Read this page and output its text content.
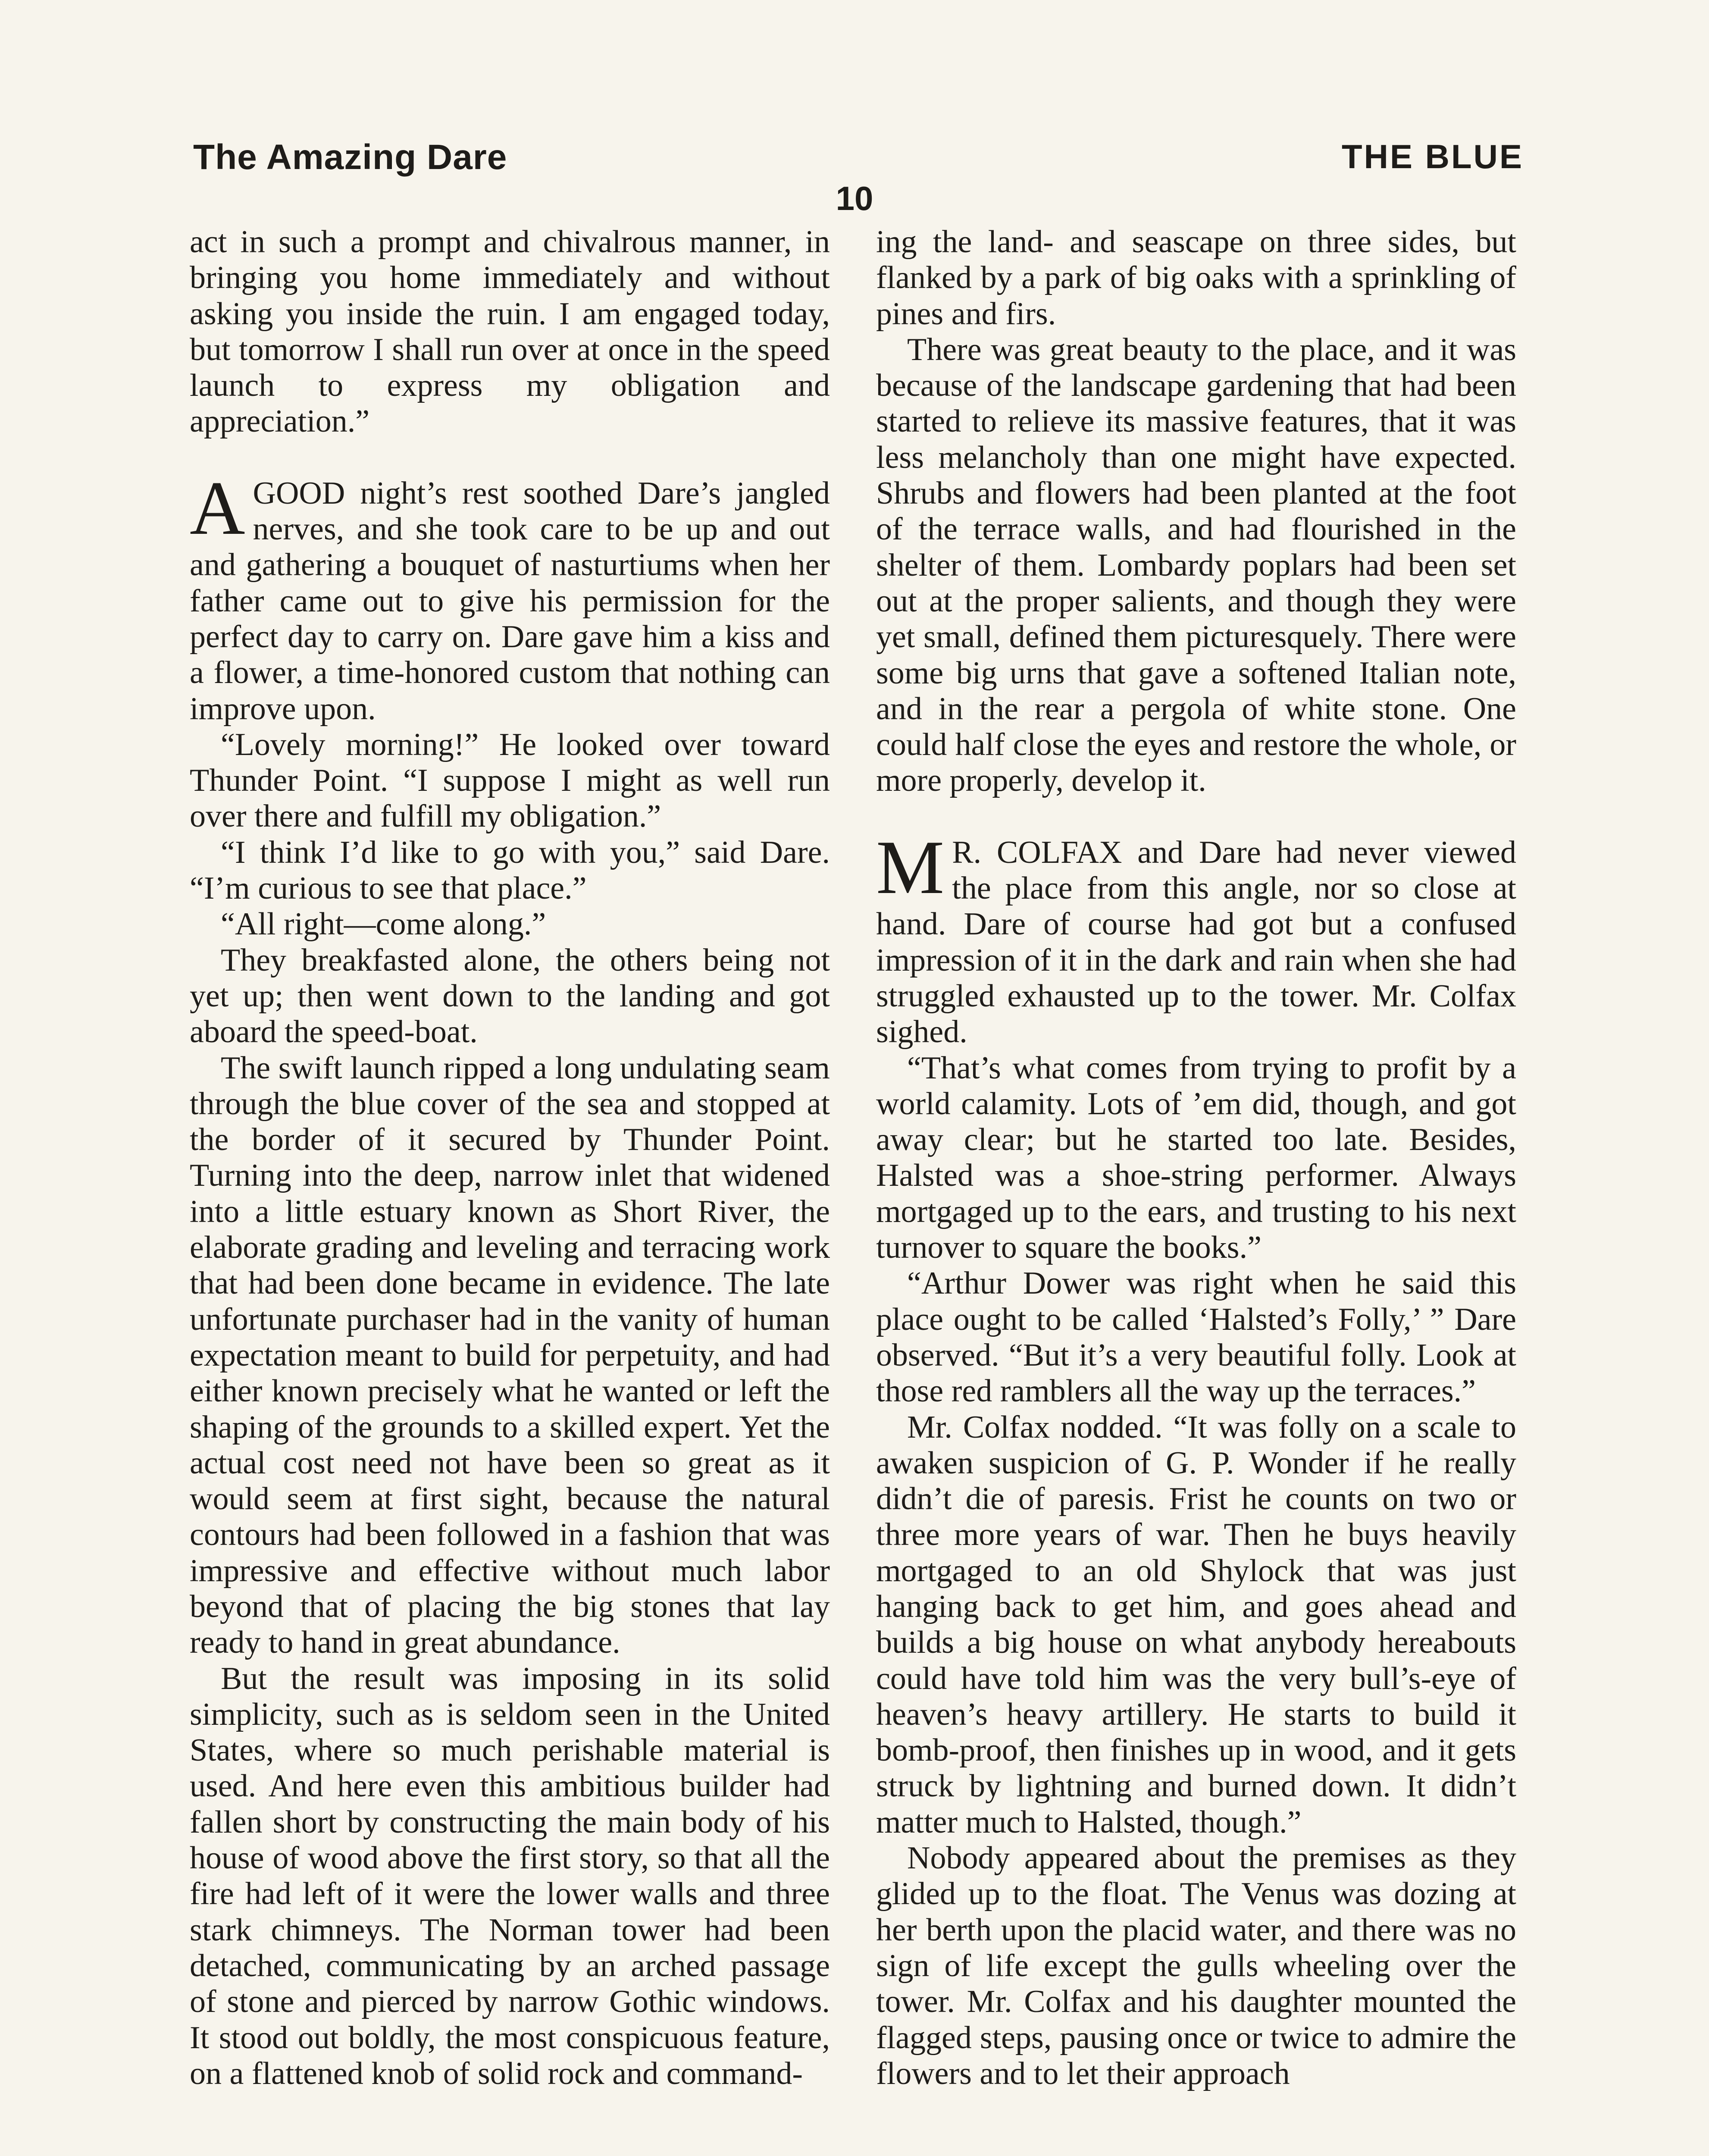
The Amazing Dare	THE BLUE
10

act in such a prompt and chivalrous manner, in bringing you home immediately and without asking you inside the ruin. I am engaged today, but tomorrow I shall run over at once in the speed launch to express my obligation and appreciation.”

AGOOD night’s rest soothed Dare’s jangled nerves, and she took care to be up and out and gathering a bouquet of nasturtiums when her father came out to give his permission for the perfect day to carry on. Dare gave him a kiss and a flower, a time-honored custom that nothing can improve upon.

“Lovely morning!” He looked over toward Thunder Point. “I suppose I might as well run over there and fulfill my obligation.”

“I think I’d like to go with you,” said Dare. “I’m curious to see that place.”

“All right—come along.”

They breakfasted alone, the others being not yet up; then went down to the landing and got aboard the speed-boat.

The swift launch ripped a long undulating seam through the blue cover of the sea and stopped at the border of it secured by Thunder Point. Turning into the deep, narrow inlet that widened into a little estuary known as Short River, the elaborate grading and leveling and terracing work that had been done became in evidence. The late unfortunate purchaser had in the vanity of human expectation meant to build for perpetuity, and had either known precisely what he wanted or left the shaping of the grounds to a skilled expert. Yet the actual cost need not have been so great as it would seem at first sight, because the natural contours had been followed in a fashion that was impressive and effective without much labor beyond that of placing the big stones that lay ready to hand in great abundance.

But the result was imposing in its solid simplicity, such as is seldom seen in the United States, where so much perishable material is used. And here even this ambitious builder had fallen short by constructing the main body of his house of wood above the first story, so that all the fire had left of it were the lower walls and three stark chimneys. The Norman tower had been detached, communicating by an arched passage of stone and pierced by narrow Gothic windows. It stood out boldly, the most conspicuous feature, on a flattened knob of solid rock and command-

ing the land- and seascape on three sides, but flanked by a park of big oaks with a sprinkling of pines and firs.

There was great beauty to the place, and it was because of the landscape gardening that had been started to relieve its massive features, that it was less melancholy than one might have expected. Shrubs and flowers had been planted at the foot of the terrace walls, and had flourished in the shelter of them. Lombardy poplars had been set out at the proper salients, and though they were yet small, defined them picturesquely. There were some big urns that gave a softened Italian note, and in the rear a pergola of white stone. One could half close the eyes and restore the whole, or more properly, develop it.

MR. COLFAX and Dare had never viewed the place from this angle, nor so close at hand. Dare of course had got but a confused impression of it in the dark and rain when she had struggled exhausted up to the tower. Mr. Colfax sighed.

“That’s what comes from trying to profit by a world calamity. Lots of ’em did, though, and got away clear; but he started too late. Besides, Halsted was a shoe-string performer. Always mortgaged up to the ears, and trusting to his next turnover to square the books.”

“Arthur Dower was right when he said this place ought to be called ‘Halsted’s Folly,’ ” Dare observed. “But it’s a very beautiful folly. Look at those red ramblers all the way up the terraces.”

Mr. Colfax nodded. “It was folly on a scale to awaken suspicion of G. P. Wonder if he really didn’t die of paresis. Frist he counts on two or three more years of war. Then he buys heavily mortgaged to an old Shylock that was just hanging back to get him, and goes ahead and builds a big house on what anybody hereabouts could have told him was the very bull’s-eye of heaven’s heavy artillery. He starts to build it bomb-proof, then finishes up in wood, and it gets struck by lightning and burned down. It didn’t matter much to Halsted, though.”

Nobody appeared about the premises as they glided up to the float. The Venus was dozing at her berth upon the placid water, and there was no sign of life except the gulls wheeling over the tower. Mr. Colfax and his daughter mounted the flagged steps, pausing once or twice to admire the flowers and to let their approach
